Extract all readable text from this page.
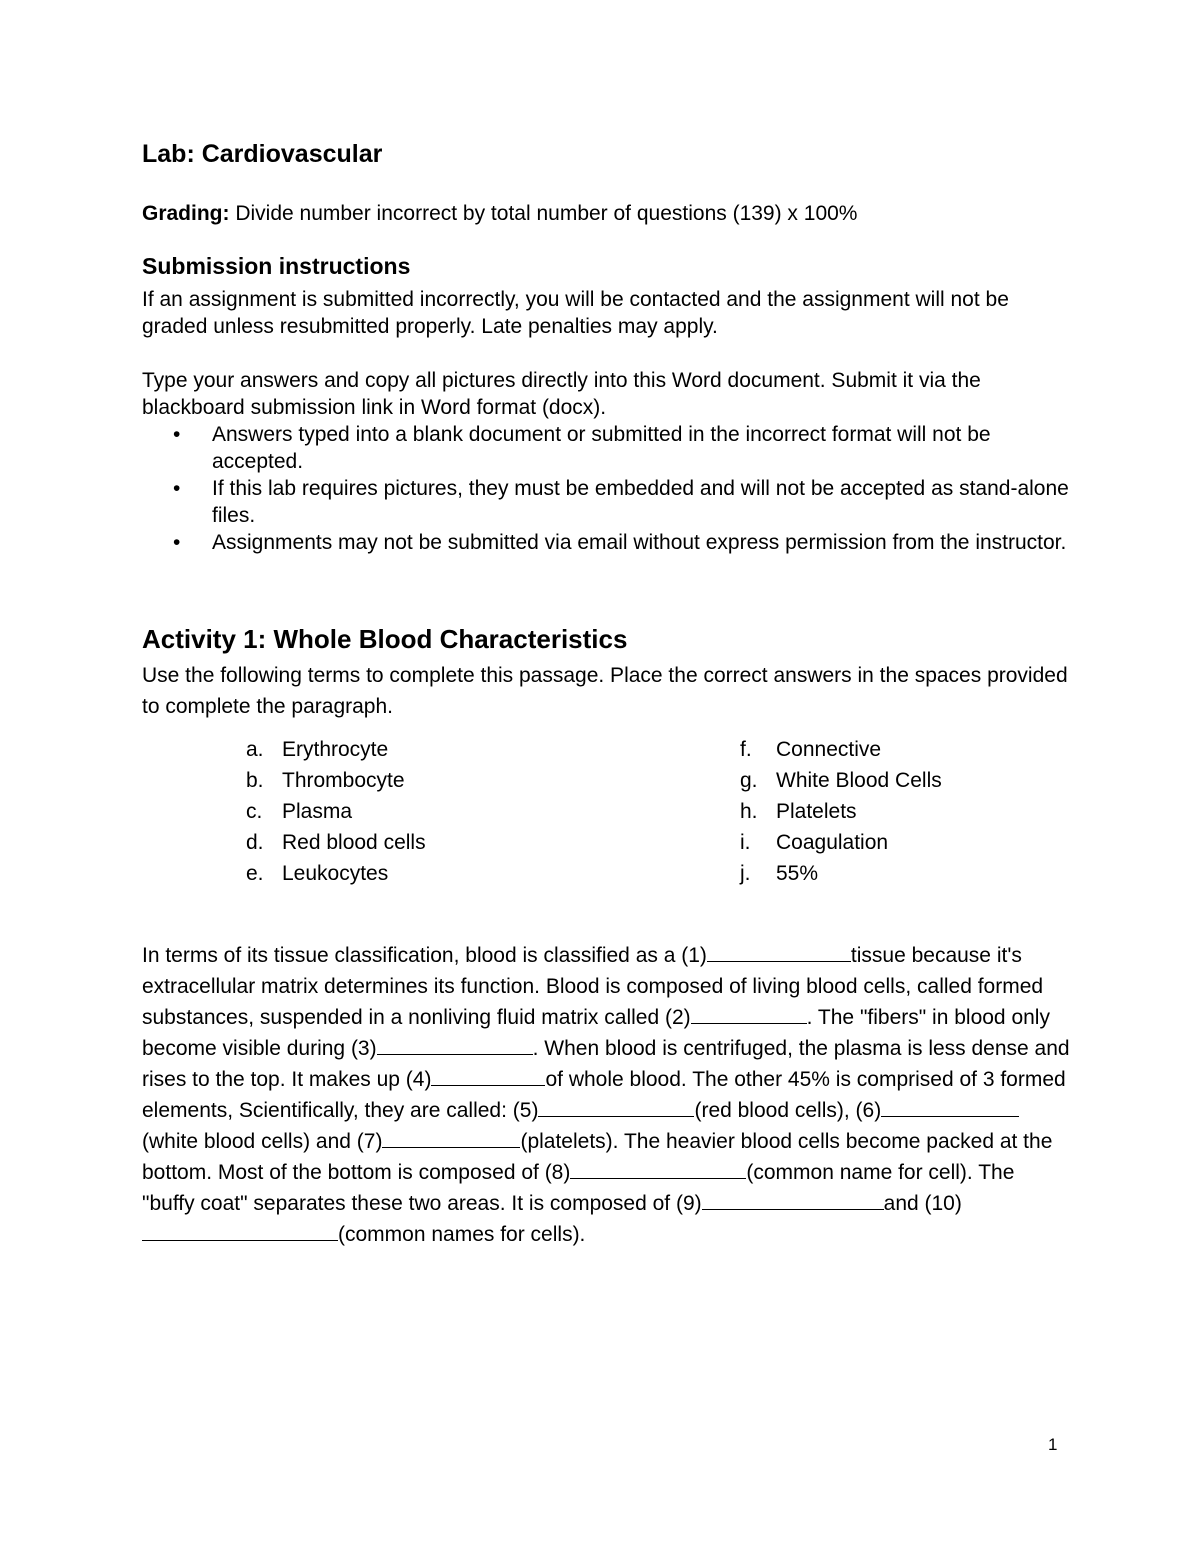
Lab: Cardiovascular

Grading: Divide number incorrect by total number of questions (139) x 100%

Submission instructions

If an assignment is submitted incorrectly, you will be contacted and the assignment will not be graded unless resubmitted properly. Late penalties may apply.

Type your answers and copy all pictures directly into this Word document. Submit it via the blackboard submission link in Word format (docx).

• Answers typed into a blank document or submitted in the incorrect format will not be accepted.
• If this lab requires pictures, they must be embedded and will not be accepted as stand-alone files.
• Assignments may not be submitted via email without express permission from the instructor.
Activity 1: Whole Blood Characteristics

Use the following terms to complete this passage. Place the correct answers in the spaces provided to complete the paragraph.

a. Erythrocyte
b. Thrombocyte
c. Plasma
d. Red blood cells
e. Leukocytes
f. Connective
g. White Blood Cells
h. Platelets
i. Coagulation
j. 55%

In terms of its tissue classification, blood is classified as a (1)	tissue because it's extracellular matrix determines its function. Blood is composed of living blood cells, called formed substances, suspended in a nonliving fluid matrix called (2)	. The "fibers" in blood only become visible during (3)	. When blood is centrifuged, the plasma is less dense and rises to the top. It makes up (4)	of whole blood. The other 45% is comprised of 3 formed elements, Scientifically, they are called: (5)	(red blood cells), (6)(white blood cells) and (7)	(platelets). The heavier blood cells become packed at the bottom. Most of the bottom is composed of (8)	(common name for cell). The "buffy coat" separates these two areas. It is composed of (9)	and (10)(common names for cells).

1
